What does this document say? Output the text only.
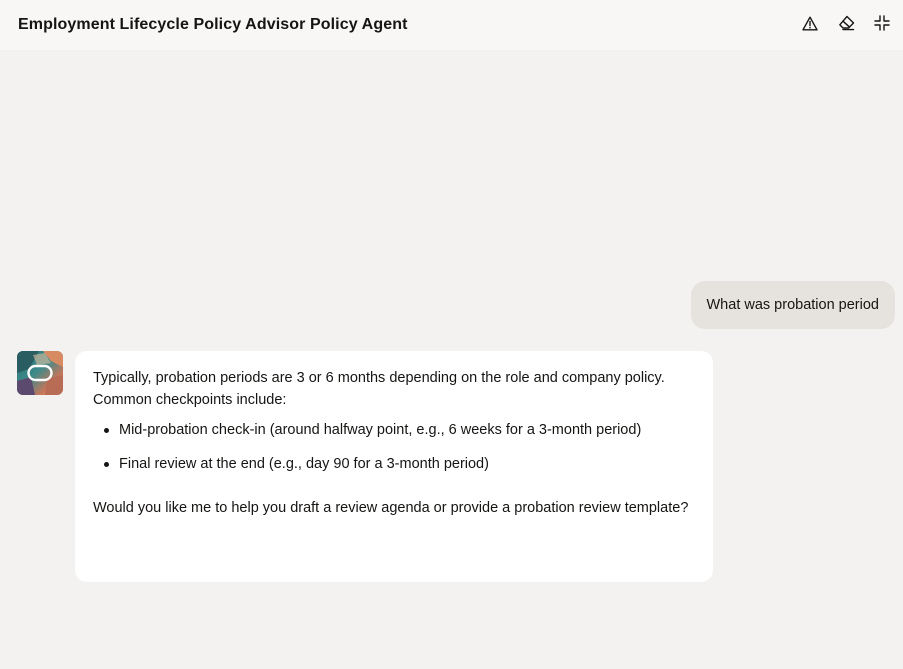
Employment Lifecycle Policy Advisor Policy Agent
What was probation period

Typically, probation periods are 3 or 6 months depending on the role and company policy. Common checkpoints include:

Mid-probation check-in (around halfway point, e.g., 6 weeks for a 3-month period)
Final review at the end (e.g., day 90 for a 3-month period)

Would you like me to help you draft a review agenda or provide a probation review template?
